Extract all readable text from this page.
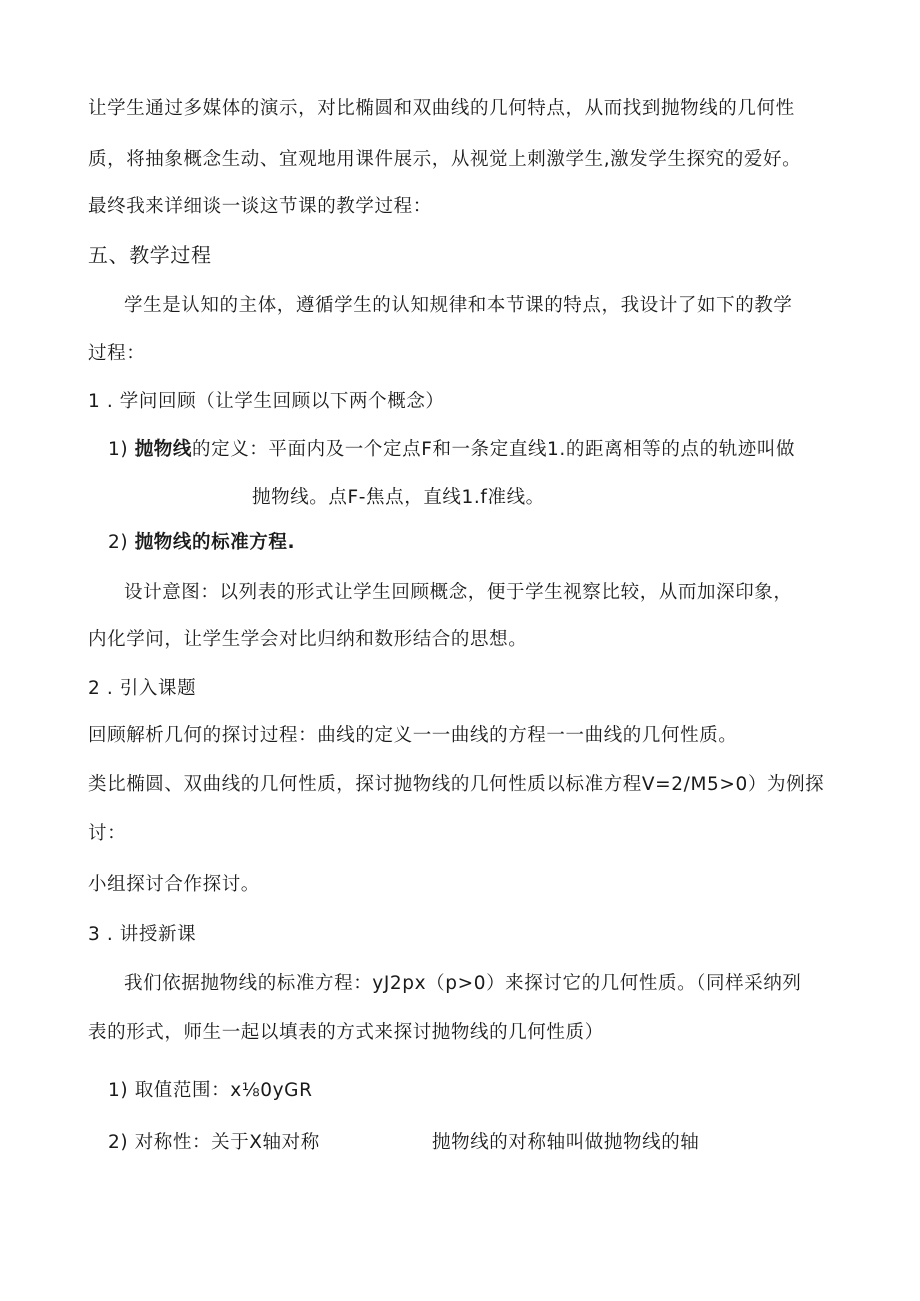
让学生通过多媒体的演示，对比椭圆和双曲线的几何特点，从而找到抛物线的几何性
质，将抽象概念生动、宜观地用课件展示，从视觉上刺激学生,激发学生探究的爱好。
最终我来详细谈一谈这节课的教学过程：
五、教学过程
学生是认知的主体，遵循学生的认知规律和本节课的特点，我设计了如下的教学
过程：
1 . 学问回顾（让学生回顾以下两个概念）
1) 抛物线的定义：平面内及一个定点F和一条定直线1.的距离相等的点的轨迹叫做
抛物线。点F-焦点，直线1.f准线。
2) 抛物线的标准方程.
设计意图：以列表的形式让学生回顾概念，便于学生视察比较，从而加深印象，
内化学问，让学生学会对比归纳和数形结合的思想。
2 . 引入课题
回顾解析几何的探讨过程：曲线的定义一一曲线的方程一一曲线的几何性质。
类比椭圆、双曲线的几何性质，探讨抛物线的几何性质以标准方程V=2∕M5>0）为例探
讨：
小组探讨合作探讨。
3 . 讲授新课
我们依据抛物线的标准方程：yJ2px（p>0）来探讨它的几何性质。（同样采纳列
表的形式，师生一起以填表的方式来探讨抛物线的几何性质）
1) 取值范围：x⅛0yGR
2) 对称性：关于X轴对称	抛物线的对称轴叫做抛物线的轴
